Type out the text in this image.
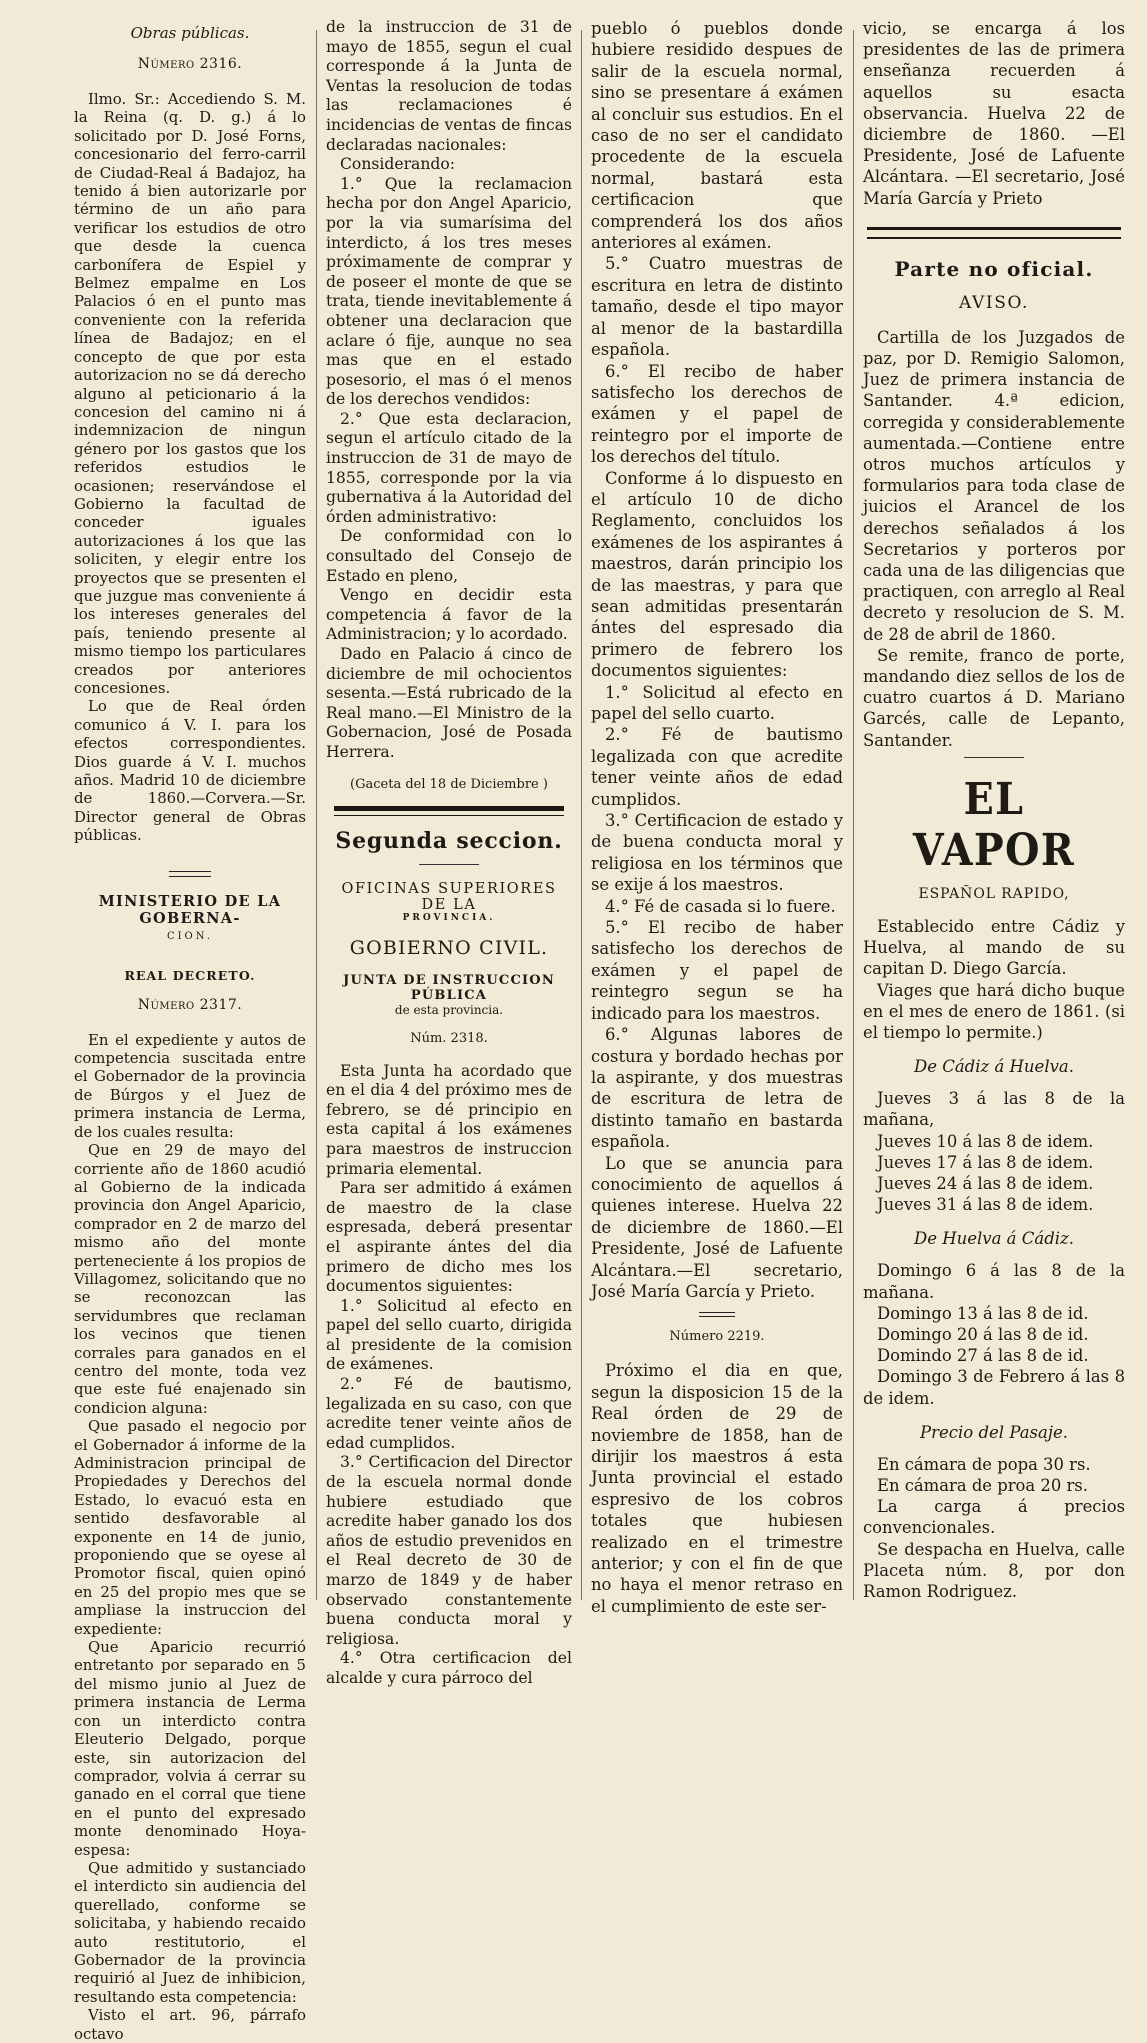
Obras públicas.
Número 2316.

Ilmo. Sr.: Accediendo S. M. la Reina (q. D. g.) á lo solicitado por D. José Forns, concesionario del ferro-carril de Ciudad-Real á Badajoz, ha tenido á bien autorizarle por término de un año para verificar los estudios de otro que desde la cuenca carbonífera de Espiel y Belmez empalme en Los Palacios ó en el punto mas conveniente con la referida línea de Badajoz; en el concepto de que por esta autorizacion no se dá derecho alguno al peticionario á la concesion del camino ni á indemnizacion de ningun género por los gastos que los referidos estudios le ocasionen; reservándose el Gobierno la facultad de conceder iguales autorizaciones á los que las soliciten, y elegir entre los proyectos que se presenten el que juzgue mas conveniente á los intereses generales del país, teniendo presente al mismo tiempo los particulares creados por anteriores concesiones.

Lo que de Real órden comunico á V. I. para los efectos correspondientes. Dios guarde á V. I. muchos años. Madrid 10 de diciembre de 1860.—Corvera.—Sr. Director general de Obras públicas.

MINISTERIO DE LA GOBERNA-
CION.
REAL DECRETO.
Número 2317.

En el expediente y autos de competencia suscitada entre el Gobernador de la provincia de Búrgos y el Juez de primera instancia de Lerma, de los cuales resulta:

Que en 29 de mayo del corriente año de 1860 acudió al Gobierno de la indicada provincia don Angel Aparicio, comprador en 2 de marzo del mismo año del monte perteneciente á los propios de Villagomez, solicitando que no se reconozcan las servidumbres que reclaman los vecinos que tienen corrales para ganados en el centro del monte, toda vez que este fué enajenado sin condicion alguna:

Que pasado el negocio por el Gobernador á informe de la Administracion principal de Propiedades y Derechos del Estado, lo evacuó esta en sentido desfavorable al exponente en 14 de junio, proponiendo que se oyese al Promotor fiscal, quien opinó en 25 del propio mes que se ampliase la instruccion del expediente:

Que Aparicio recurrió entretanto por separado en 5 del mismo junio al Juez de primera instancia de Lerma con un interdicto contra Eleuterio Delgado, porque este, sin autorizacion del comprador, volvia á cerrar su ganado en el corral que tiene en el punto del expresado monte denominado Hoya-espesa:

Que admitido y sustanciado el interdicto sin audiencia del querellado, conforme se solicitaba, y habiendo recaido auto restitutorio, el Gobernador de la provincia requirió al Juez de inhibicion, resultando esta competencia:

Visto el art. 96, párrafo octavo

de la instruccion de 31 de mayo de 1855, segun el cual corresponde á la Junta de Ventas la resolucion de todas las reclamaciones é incidencias de ventas de fincas declaradas nacionales:

Considerando:

1.° Que la reclamacion hecha por don Angel Aparicio, por la via sumarísima del interdicto, á los tres meses próximamente de comprar y de poseer el monte de que se trata, tiende inevitablemente á obtener una declaracion que aclare ó fije, aunque no sea mas que en el estado posesorio, el mas ó el menos de los derechos vendidos:

2.° Que esta declaracion, segun el artículo citado de la instruccion de 31 de mayo de 1855, corresponde por la via gubernativa á la Autoridad del órden administrativo:

De conformidad con lo consultado del Consejo de Estado en pleno,

Vengo en decidir esta competencia á favor de la Administracion; y lo acordado.

Dado en Palacio á cinco de diciembre de mil ochocientos sesenta.—Está rubricado de la Real mano.—El Ministro de la Gobernacion, José de Posada Herrera.

(Gaceta del 18 de Diciembre )
Segunda seccion.
OFICINAS SUPERIORES DE LA
PROVINCIA.
GOBIERNO CIVIL.
JUNTA DE INSTRUCCION PÚBLICA
de esta provincia.
Núm. 2318.

Esta Junta ha acordado que en el dia 4 del próximo mes de febrero, se dé principio en esta capital á los exámenes para maestros de instruccion primaria elemental.

Para ser admitido á exámen de maestro de la clase espresada, deberá presentar el aspirante ántes del dia primero de dicho mes los documentos siguientes:

1.° Solicitud al efecto en papel del sello cuarto, dirigida al presidente de la comision de exámenes.

2.° Fé de bautismo, legalizada en su caso, con que acredite tener veinte años de edad cumplidos.

3.° Certificacion del Director de la escuela normal donde hubiere estudiado que acredite haber ganado los dos años de estudio prevenidos en el Real decreto de 30 de marzo de 1849 y de haber observado constantemente buena conducta moral y religiosa.

4.° Otra certificacion del alcalde y cura párroco del

pueblo ó pueblos donde hubiere residido despues de salir de la escuela normal, sino se presentare á exámen al concluir sus estudios. En el caso de no ser el candidato procedente de la escuela normal, bastará esta certificacion que comprenderá los dos años anteriores al exámen.

5.° Cuatro muestras de escritura en letra de distinto tamaño, desde el tipo mayor al menor de la bastardilla española.

6.° El recibo de haber satisfecho los derechos de exámen y el papel de reintegro por el importe de los derechos del título.

Conforme á lo dispuesto en el artículo 10 de dicho Reglamento, concluidos los exámenes de los aspirantes á maestros, darán principio los de las maestras, y para que sean admitidas presentarán ántes del espresado dia primero de febrero los documentos siguientes:

1.° Solicitud al efecto en papel del sello cuarto.

2.° Fé de bautismo legalizada con que acredite tener veinte años de edad cumplidos.

3.° Certificacion de estado y de buena conducta moral y religiosa en los términos que se exije á los maestros.

4.° Fé de casada si lo fuere.

5.° El recibo de haber satisfecho los derechos de exámen y el papel de reintegro segun se ha indicado para los maestros.

6.° Algunas labores de costura y bordado hechas por la aspirante, y dos muestras de escritura de letra de distinto tamaño en bastarda española.

Lo que se anuncia para conocimiento de aquellos á quienes interese. Huelva 22 de diciembre de 1860.—El Presidente, José de Lafuente Alcántara.—El secretario, José María García y Prieto.

Número 2219.

Próximo el dia en que, segun la disposicion 15 de la Real órden de 29 de noviembre de 1858, han de dirijir los maestros á esta Junta provincial el estado espresivo de los cobros totales que hubiesen realizado en el trimestre anterior; y con el fin de que no haya el menor retraso en el cumplimiento de este ser-

vicio, se encarga á los presidentes de las de primera enseñanza recuerden á aquellos su esacta observancia. Huelva 22 de diciembre de 1860. —El Presidente, José de Lafuente Alcántara. —El secretario, José María García y Prieto

Parte no oficial.
AVISO.

Cartilla de los Juzgados de paz, por D. Remigio Salomon, Juez de primera instancia de Santander. 4.ª edicion, corregida y considerablemente aumentada.—Contiene entre otros muchos artículos y formularios para toda clase de juicios el Arancel de los derechos señalados á los Secretarios y porteros por cada una de las diligencias que practiquen, con arreglo al Real decreto y resolucion de S. M. de 28 de abril de 1860.

Se remite, franco de porte, mandando diez sellos de los de cuatro cuartos á D. Mariano Garcés, calle de Lepanto, Santander.

EL VAPOR
ESPAÑOL RAPIDO,

Establecido entre Cádiz y Huelva, al mando de su capitan D. Diego García.

Viages que hará dicho buque en el mes de enero de 1861. (si el tiempo lo permite.)

De Cádiz á Huelva.

Jueves 3 á las 8 de la mañana,

Jueves 10 á las 8 de idem.

Jueves 17 á las 8 de idem.

Jueves 24 á las 8 de idem.

Jueves 31 á las 8 de idem.

De Huelva á Cádiz.

Domingo 6 á las 8 de la mañana.

Domingo 13 á las 8 de id.

Domingo 20 á las 8 de id.

Domindo 27 á las 8 de id.

Domingo 3 de Febrero á las 8 de idem.

Precio del Pasaje.

En cámara de popa 30 rs.

En cámara de proa 20 rs.

La carga á precios convencionales.

Se despacha en Huelva, calle Placeta núm. 8, por don Ramon Rodriguez.
